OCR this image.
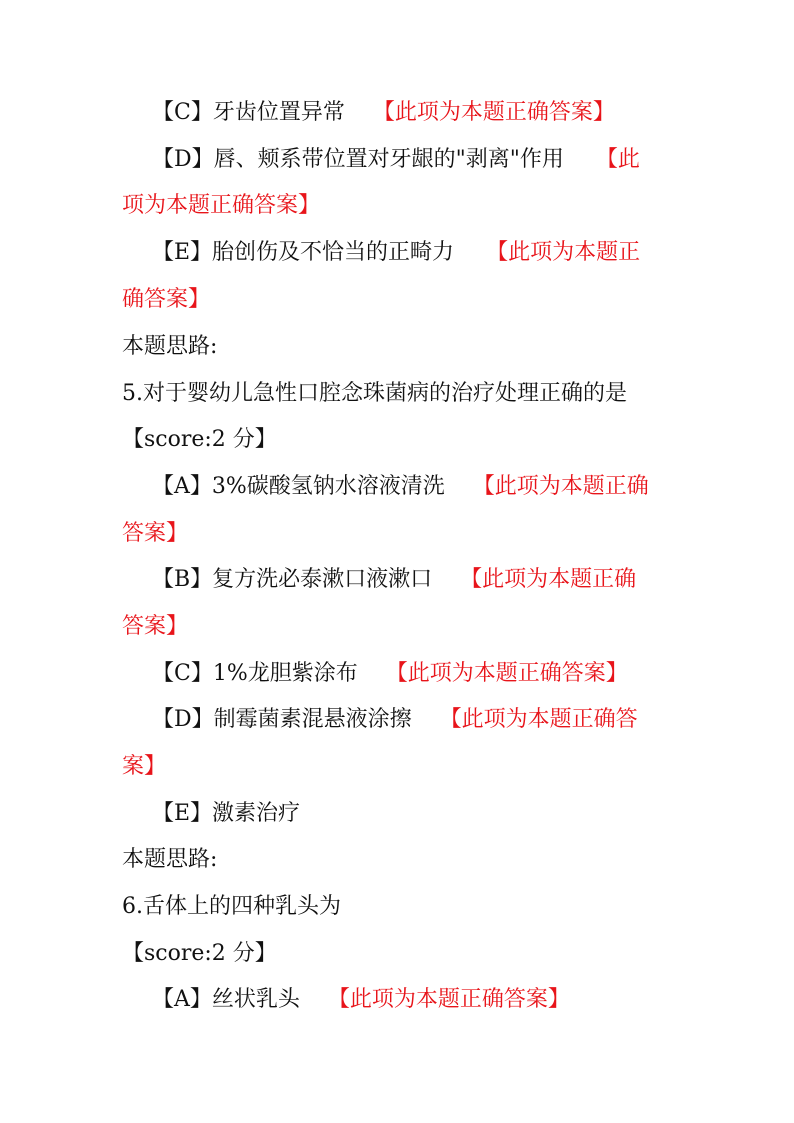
【C】牙齿位置异常 【此项为本题正确答案】
【D】唇、颊系带位置对牙龈的"剥离"作用 【此
项为本题正确答案】
【E】胎创伤及不恰当的正畸力 【此项为本题正
确答案】
本题思路:
5.对于婴幼儿急性口腔念珠菌病的治疗处理正确的是
【score:2 分】
【A】3%碳酸氢钠水溶液清洗 【此项为本题正确
答案】
【B】复方洗必泰漱口液漱口 【此项为本题正确
答案】
【C】1%龙胆紫涂布 【此项为本题正确答案】
【D】制霉菌素混悬液涂擦 【此项为本题正确答
案】
【E】激素治疗
本题思路:
6.舌体上的四种乳头为
【score:2 分】
【A】丝状乳头 【此项为本题正确答案】
